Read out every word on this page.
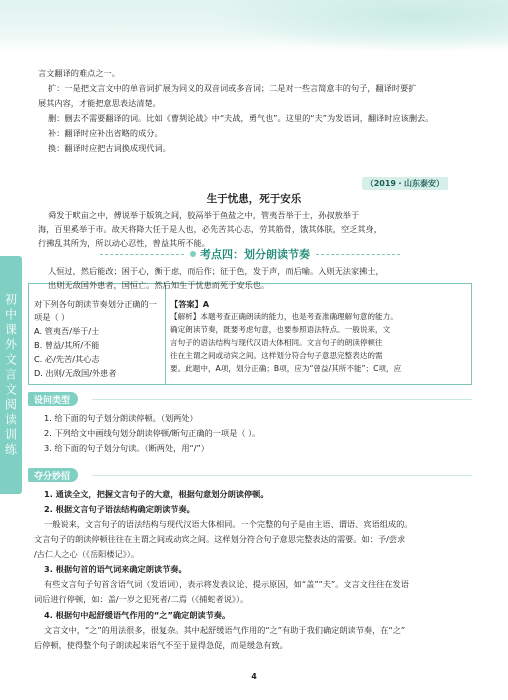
言文翻译的难点之一。
扩：一是把文言文中的单音词扩展为同义的双音词或多音词；二是对一些言简意丰的句子，翻译时要扩
展其内容，才能把意思表达清楚。
删：删去不需要翻译的词。比如《曹刿论战》中“夫战，勇气也”。这里的“夫”为发语词，翻译时应该删去。
补：翻译时应补出省略的成分。
换：翻译时应把古词换成现代词。
（2019・山东泰安）
生于忧患，死于安乐
舜发于畎亩之中，傅说举于版筑之间，胶鬲举于鱼盐之中，管夷吾举于士，孙叔敖举于
海，百里奚举于市。故天将降大任于是人也，必先苦其心志，劳其筋骨，饿其体肤，空乏其身，
行拂乱其所为，所以动心忍性，曾益其所不能。
考点四：划分朗读节奏
人恒过，然后能改；困于心，衡于虑，而后作；征于色，发于声，而后喻。入则无法家拂士，
初中课外文言文阅读训练
出则无敌国外患者，国恒亡。然后知生于忧患而死于安乐也。
对下列各句朗读节奏划分正确的一
项是（ ）
A. 管夷吾/举于/士
B. 曾益/其所/不能
C. 必/先苦/其心志
D. 出则/无敌国/外患者
【答案】A
【解析】本题考查正确朗读的能力，也是考查准确理解句意的能力。
确定朗读节奏，既要考虑句意，也要参照语法特点。一般说来，文
言句子的语法结构与现代汉语大体相同。文言句子的朗读停顿往
往在主谓之间或动宾之间。这样划分符合句子意思完整表达的需
要。此题中，A项，划分正确；B项，应为“曾益/其所不能”；C项，应
设问类型
1. 给下面的句子划分朗读停顿。（划两处）
2. 下列给文中画线句划分朗读停顿/断句正确的一项是（ ）。
3. 给下面的句子划分句读。（断两处，用“/”）
夺分妙招
1. 通读全文，把握文言句子的大意，根据句意划分朗读停顿。
2. 根据文言句子语法结构确定朗读节奏。
一般说来，文言句子的语法结构与现代汉语大体相同。一个完整的句子是由主语、谓语、宾语组成的。
文言句子的朗读停顿往往在主谓之间或动宾之间。这样划分符合句子意思完整表达的需要。如：予/尝求
/古仁人之心（《岳阳楼记》）。
3. 根据句首的语气词来确定朗读节奏。
有些文言句子句首含语气词（发语词），表示将发表议论、提示原因，如“盖”“夫”。文言文往往在发语
词后进行停顿，如：盖/一岁之犯死者/二焉（《捕蛇者说》）。
4. 根据句中起舒缓语气作用的“之”确定朗读节奏。
文言文中，“之”的用法很多，很复杂。其中起舒缓语气作用的“之”有助于我们确定朗读节奏，在“之”
后停顿，使得整个句子朗读起来语气不至于显得急促，而是缓急有致。
4
